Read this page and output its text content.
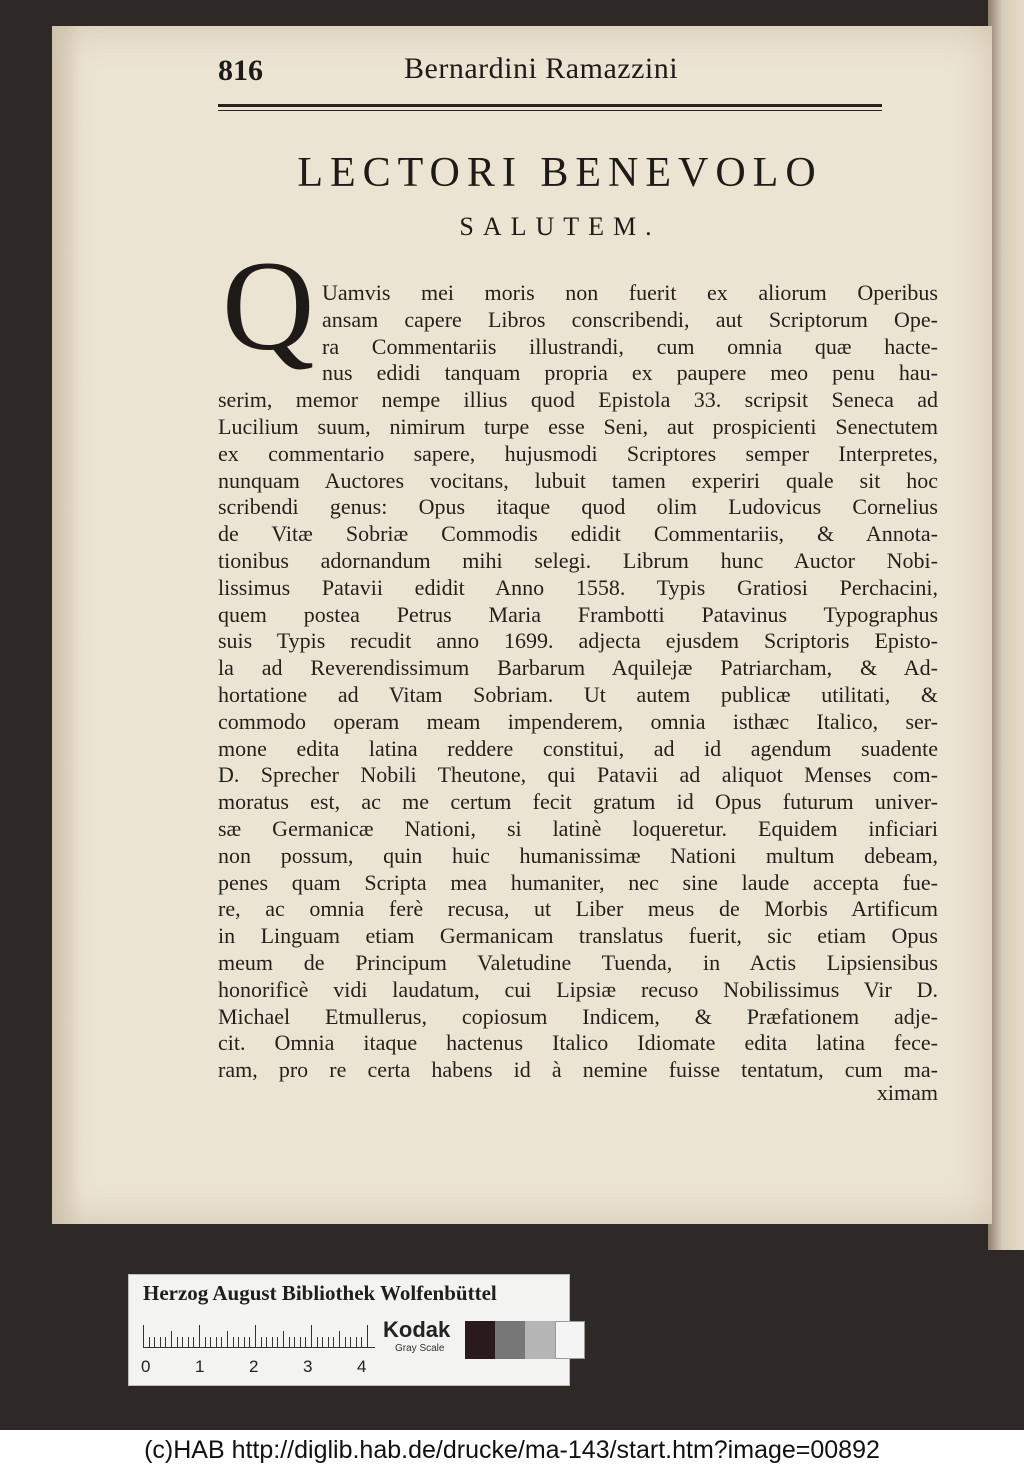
816	Bernardini Ramazzini
LECTORI BENEVOLO
SALUTEM.
Q Uamvis mei moris non fuerit ex aliorum Operibus
ansam capere Libros conscribendi, aut Scriptorum Ope-
ra Commentariis illustrandi, cum omnia quæ hacte-
nus edidi tanquam propria ex paupere meo penu hau-
serim, memor nempe illius quod Epistola 33. scripsit Seneca ad
Lucilium suum, nimirum turpe esse Seni, aut prospicienti Senectutem
ex commentario sapere, hujusmodi Scriptores semper Interpretes,
nunquam Auctores vocitans, lubuit tamen experiri quale sit hoc
scribendi genus: Opus itaque quod olim Ludovicus Cornelius
de Vitæ Sobriæ Commodis edidit Commentariis, & Annota-
tionibus adornandum mihi selegi. Librum hunc Auctor Nobi-
lissimus Patavii edidit Anno 1558. Typis Gratiosi Perchacini,
quem postea Petrus Maria Frambotti Patavinus Typographus
suis Typis recudit anno 1699. adjecta ejusdem Scriptoris Episto-
la ad Reverendissimum Barbarum Aquilejæ Patriarcham, & Ad-
hortatione ad Vitam Sobriam. Ut autem publicæ utilitati, &
commodo operam meam impenderem, omnia isthæc Italico, ser-
mone edita latina reddere constitui, ad id agendum suadente
D. Sprecher Nobili Theutone, qui Patavii ad aliquot Menses com-
moratus est, ac me certum fecit gratum id Opus futurum univer-
sæ Germanicæ Nationi, si latinè loqueretur. Equidem inficiari
non possum, quin huic humanissimæ Nationi multum debeam,
penes quam Scripta mea humaniter, nec sine laude accepta fue-
re, ac omnia ferè recusa, ut Liber meus de Morbis Artificum
in Linguam etiam Germanicam translatus fuerit, sic etiam Opus
meum de Principum Valetudine Tuenda, in Actis Lipsiensibus
honorificè vidi laudatum, cui Lipsiæ recuso Nobilissimus Vir D.
Michael Etmullerus, copiosum Indicem, & Præfationem adje-
cit. Omnia itaque hactenus Italico Idiomate edita latina fece-
ram, pro re certa habens id à nemine fuisse tentatum, cum ma-
ximam
Herzog August Bibliothek Wolfenbüttel
0	1	2	3	4
Kodak
Gray Scale
(c)HAB http://diglib.hab.de/drucke/ma-143/start.htm?image=00892
